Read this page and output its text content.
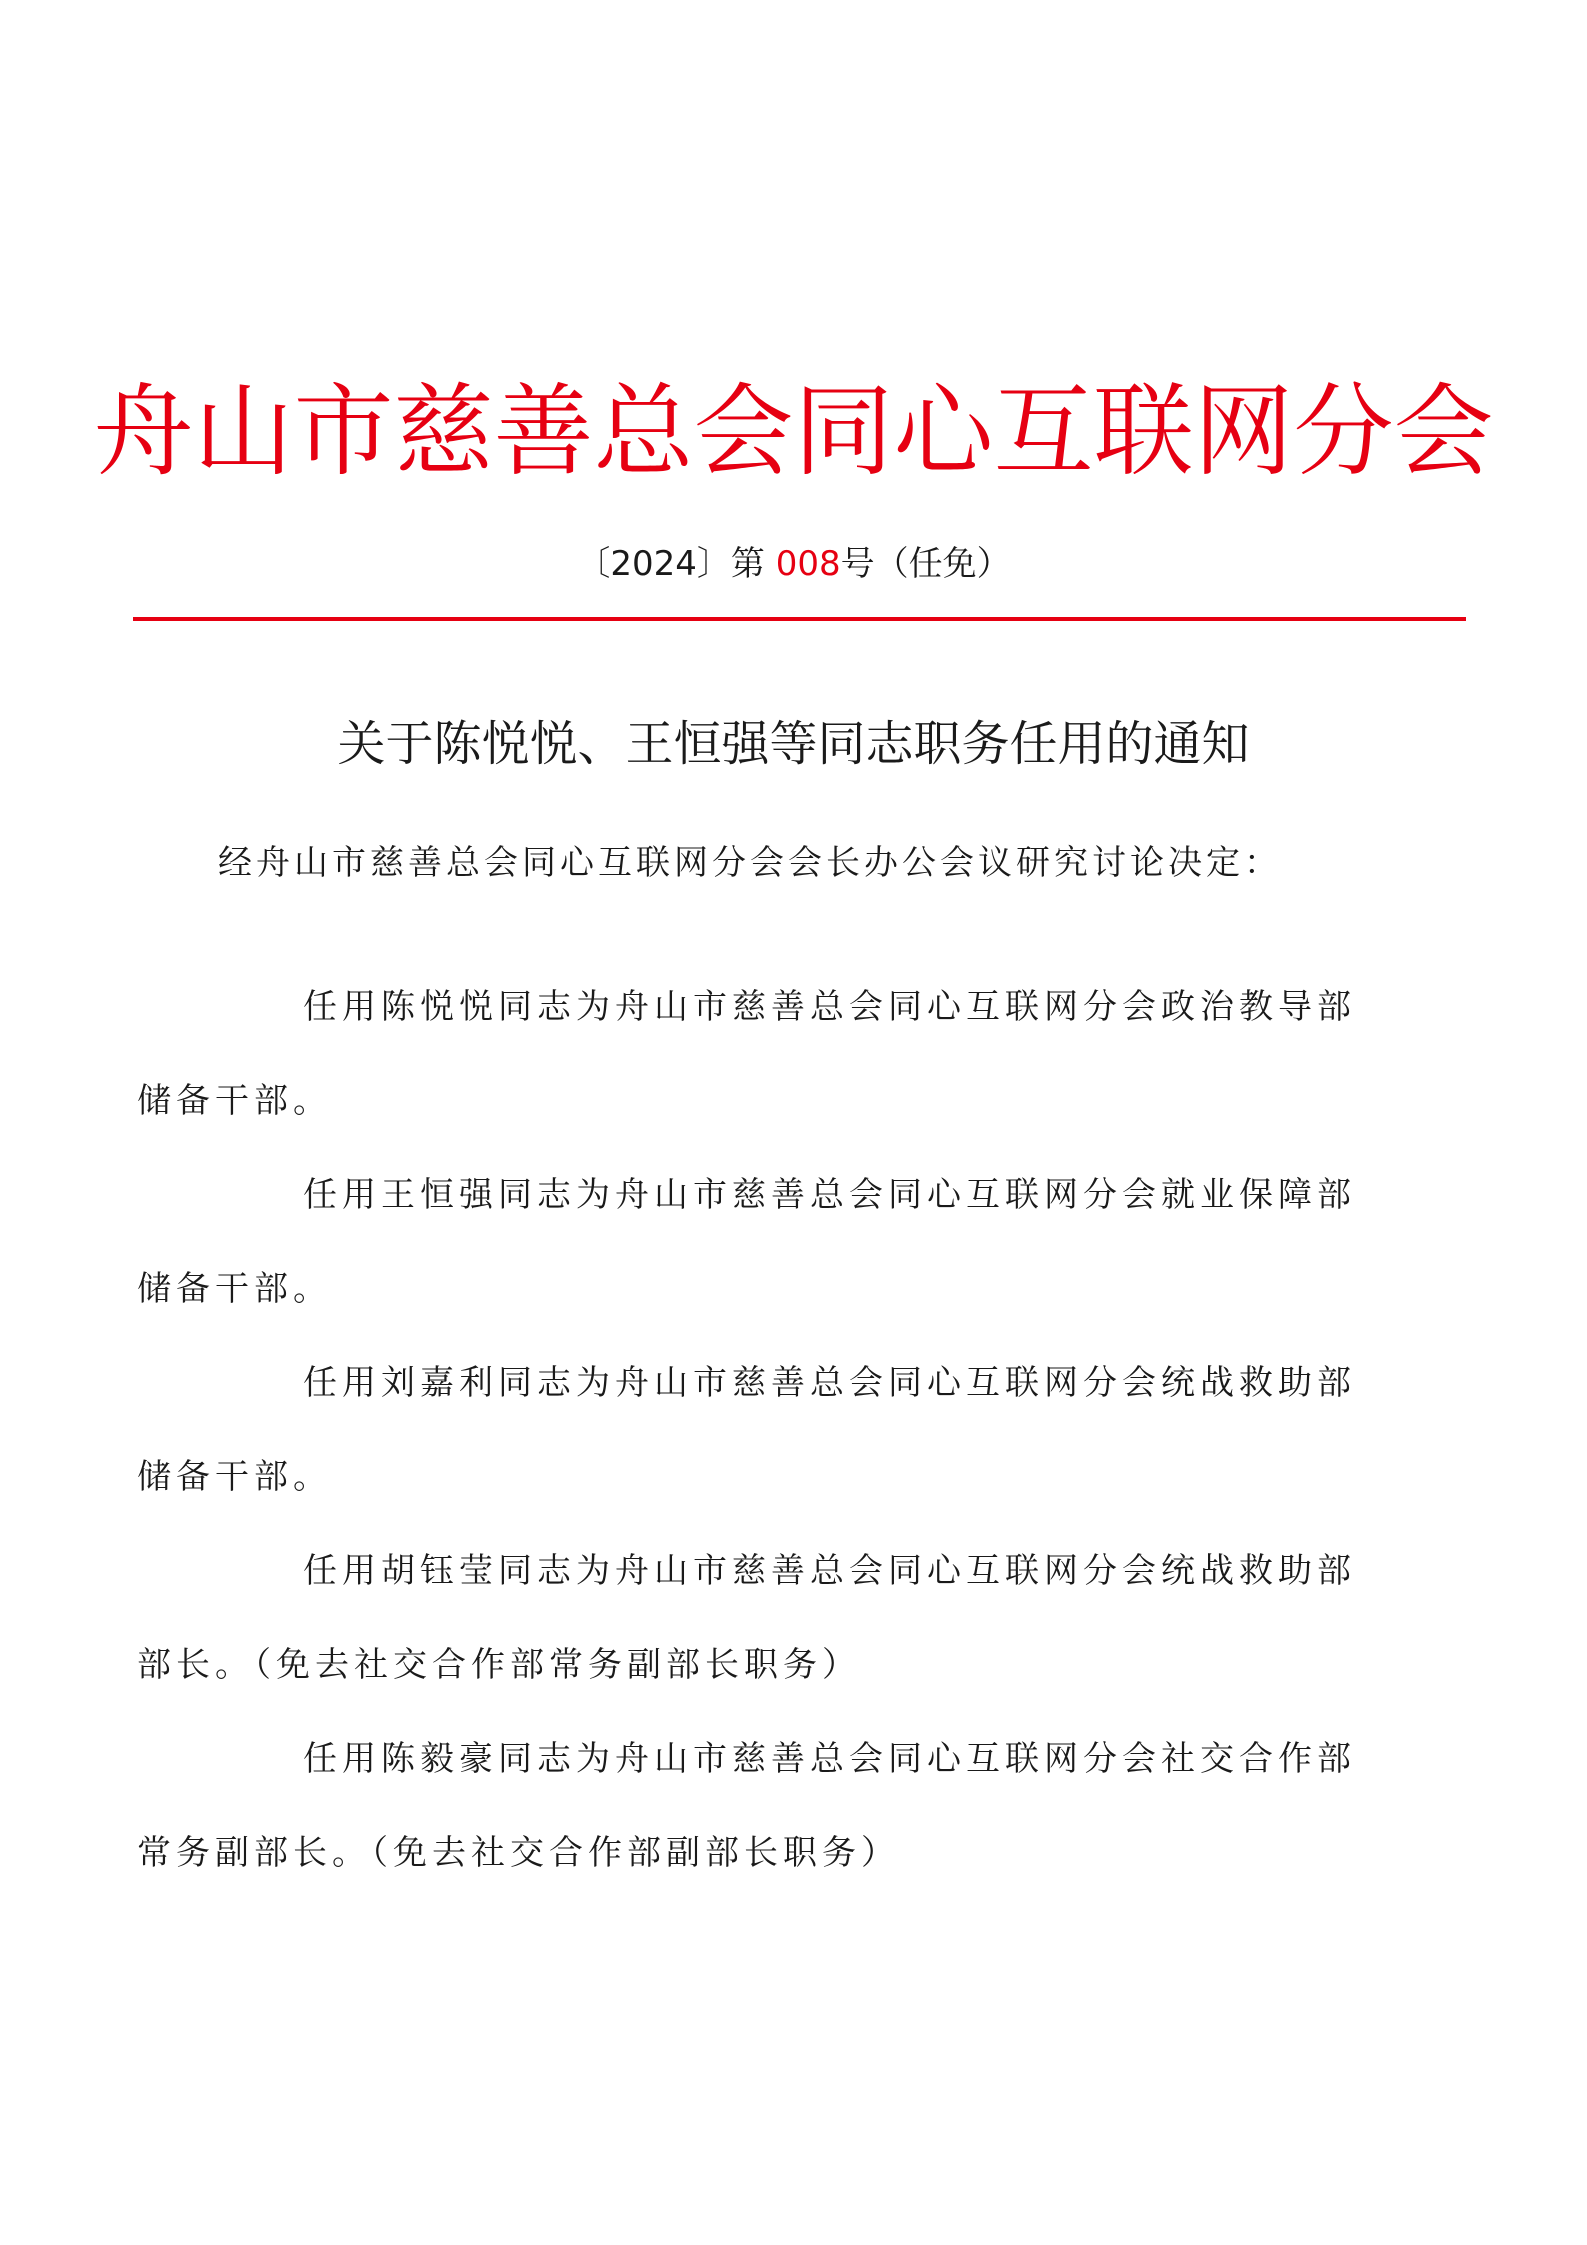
舟山市慈善总会同心互联网分会
〔2024〕第 008号（任免）
关于陈悦悦、王恒强等同志职务任用的通知
经舟山市慈善总会同心互联网分会会长办公会议研究讨论决定：

任用陈悦悦同志为舟山市慈善总会同心互联网分会政治教导部
储备干部。

任用王恒强同志为舟山市慈善总会同心互联网分会就业保障部
储备干部。

任用刘嘉利同志为舟山市慈善总会同心互联网分会统战救助部
储备干部。

任用胡钰莹同志为舟山市慈善总会同心互联网分会统战救助部
部长。（免去社交合作部常务副部长职务）

任用陈毅豪同志为舟山市慈善总会同心互联网分会社交合作部
常务副部长。（免去社交合作部副部长职务）
